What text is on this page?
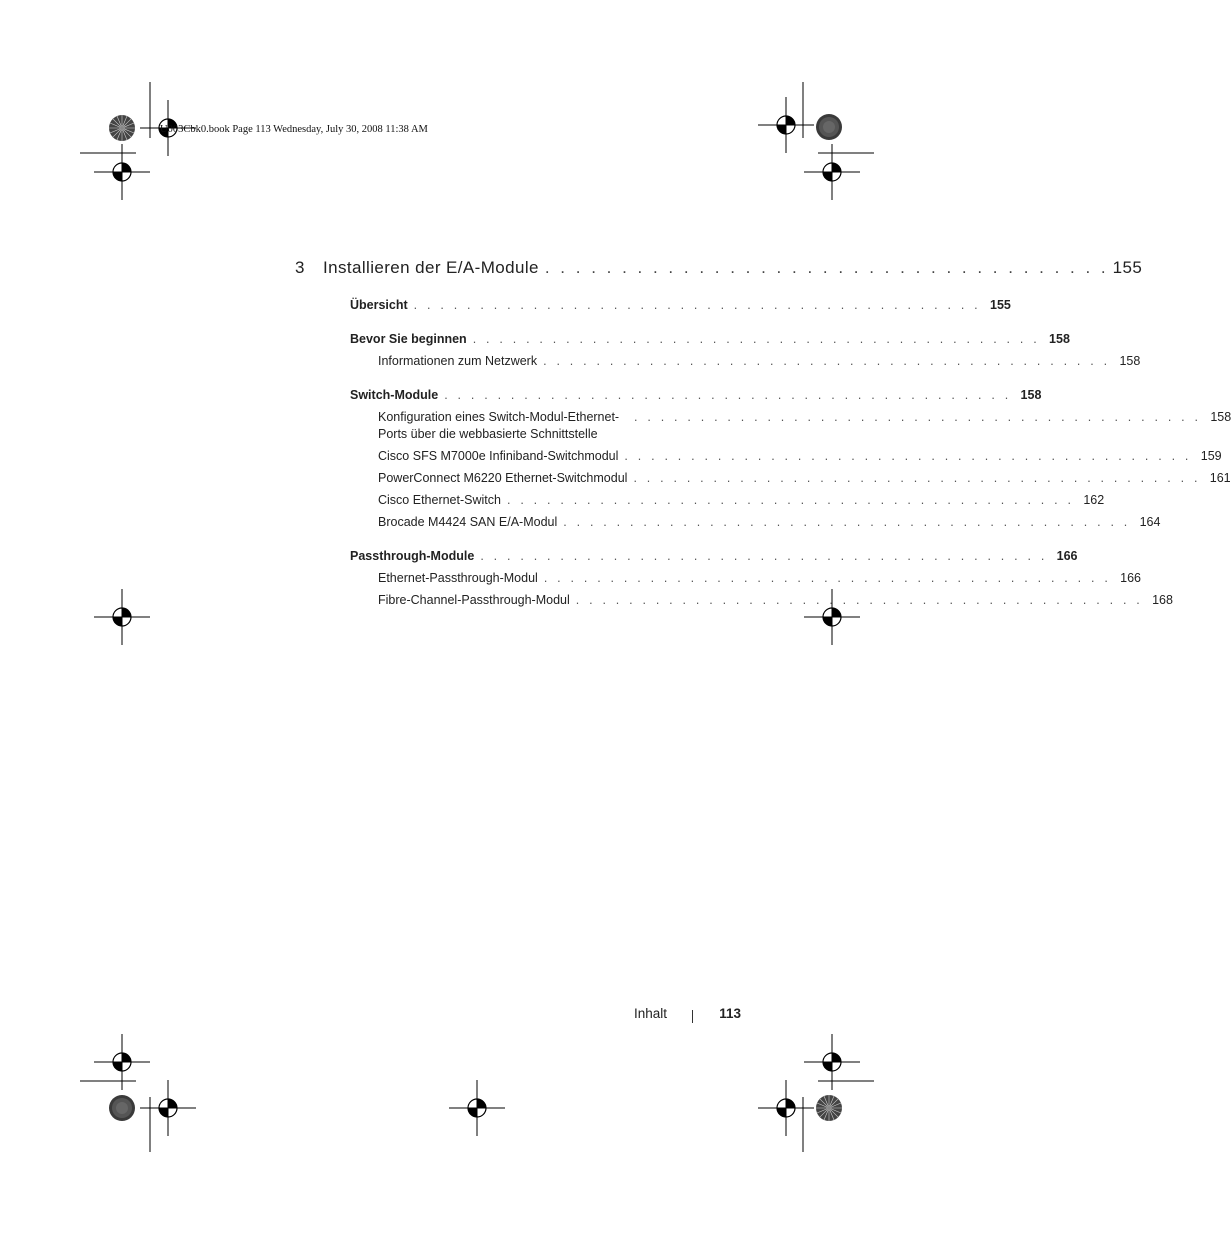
U003Cbk0.book Page 113 Wednesday, July 30, 2008 11:38 AM
3	Installieren der E/A-Module . . . . . . . . . . . . . . . . . . . . . . . . . . . . . . . . . . . . . 155
Übersicht . . . . . . . . . . . . . . . . . . . . . . . . . . . . . . . . . . . . . . . . . . . 155
Bevor Sie beginnen . . . . . . . . . . . . . . . . . . . . . . . . . . . . . . . . . . . . . . . . . . . 158
Informationen zum Netzwerk . . . . . . . . . . . . . . . . . . . . . . . . . . . . . . . . . . . . . . . . . . . 158
Switch-Module . . . . . . . . . . . . . . . . . . . . . . . . . . . . . . . . . . . . . . . . . . . 158
Konfiguration eines Switch-Modul-Ethernet-Ports über die webbasierte Schnittstelle
. . . . . . . . . . . . . . . . . . . . . . . . . . . . . . . . . . . . . . . . . . . 158
Cisco SFS M7000e Infiniband-Switchmodul . . . . . . . . . . . . . . . . . . . . . . . . . . . . . . . . . . . . . . . . . . . 159
PowerConnect M6220 Ethernet-Switchmodul . . . . . . . . . . . . . . . . . . . . . . . . . . . . . . . . . . . . . . . . . . . 161
Cisco Ethernet-Switch . . . . . . . . . . . . . . . . . . . . . . . . . . . . . . . . . . . . . . . . . . . 162
Brocade M4424 SAN E/A-Modul . . . . . . . . . . . . . . . . . . . . . . . . . . . . . . . . . . . . . . . . . . . 164
Passthrough-Module . . . . . . . . . . . . . . . . . . . . . . . . . . . . . . . . . . . . . . . . . . . 166
Ethernet-Passthrough-Modul . . . . . . . . . . . . . . . . . . . . . . . . . . . . . . . . . . . . . . . . . . . 166
Fibre-Channel-Passthrough-Modul . . . . . . . . . . . . . . . . . . . . . . . . . . . . . . . . . . . . . . . . . . . 168
Inhalt	113
